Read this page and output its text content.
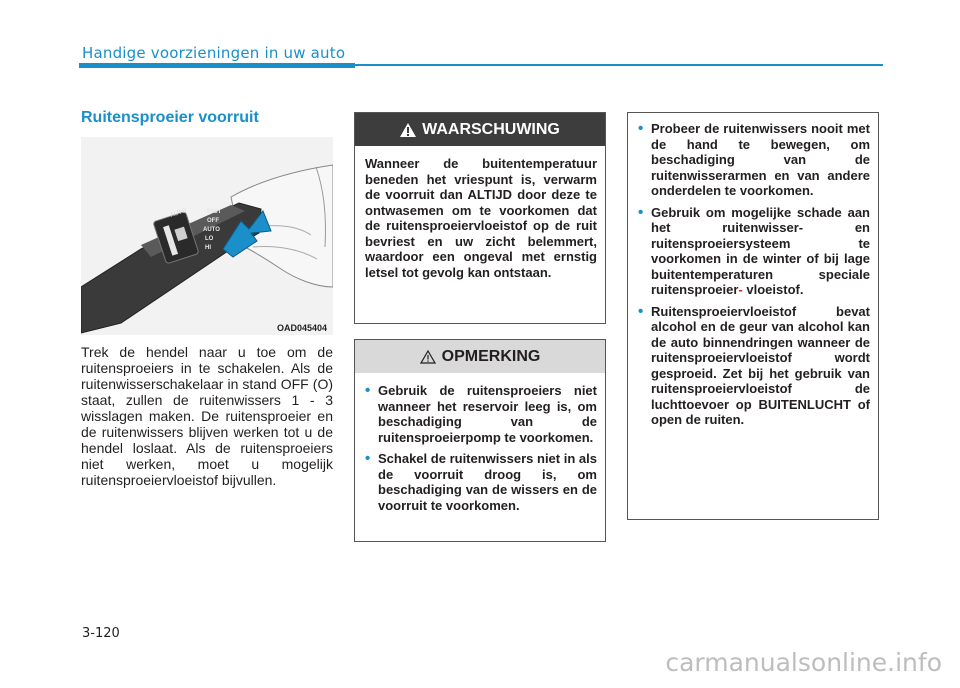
Handige voorzieningen in uw auto
Ruitensproeier voorruit
AUTO	MIST
OFF
AUTO
LO
HI
OAD045404
Trek de hendel naar u toe om de ruitensproeiers in te schakelen. Als de ruitenwisserschakelaar in stand OFF (O) staat, zullen de ruitenwissers 1 - 3 wisslagen maken. De ruitensproeier en de ruitenwissers blijven werken tot u de hendel loslaat. Als de ruitensproeiers niet werken, moet u mogelijk ruitensproeiervloeistof bijvullen.
WAARSCHUWING
Wanneer de buitentemperatuur beneden het vriespunt is, verwarm de voorruit dan ALTIJD door deze te ontwasemen om te voorkomen dat de ruitensproeiervloeistof op de ruit bevriest en uw zicht belemmert, waardoor een ongeval met ernstig letsel tot gevolg kan ontstaan.
OPMERKING
• Gebruik de ruitensproeiers niet wanneer het reservoir leeg is, om beschadiging van de ruitensproeierpomp te voorkomen.
• Schakel de ruitenwissers niet in als de voorruit droog is, om beschadiging van de wissers en de voorruit te voorkomen.
• Probeer de ruitenwissers nooit met de hand te bewegen, om beschadiging van de ruitenwisserarmen en van andere onderdelen te voorkomen.
• Gebruik om mogelijke schade aan het ruitenwisser- en ruitensproeiersysteem te voorkomen in de winter of bij lage buitentemperaturen speciale ruitensproeier- vloeistof.
• Ruitensproeiervloeistof bevat alcohol en de geur van alcohol kan de auto binnendringen wanneer de ruitensproeiervloeistof wordt gesproeid. Zet bij het gebruik van ruitensproeiervloeistof de luchttoevoer op BUITENLUCHT of open de ruiten.
3-120
carmanualsonline.info
